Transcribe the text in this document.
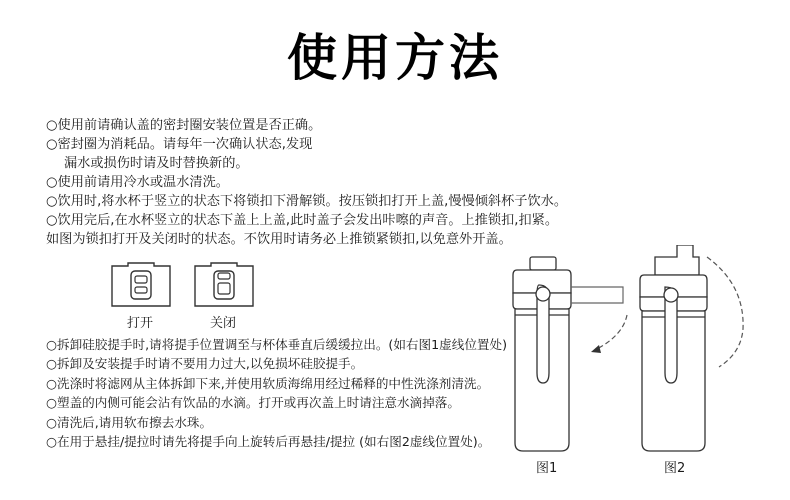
使用方法
○使用前请确认盖的密封圈安装位置是否正确。
○密封圈为消耗品。请每年一次确认状态,发现
漏水或损伤时请及时替换新的。
○使用前请用冷水或温水清洗。
○饮用时,将水杯于竖立的状态下将锁扣下滑解锁。按压锁扣打开上盖,慢慢倾斜杯子饮水。
○饮用完后,在水杯竖立的状态下盖上上盖,此时盖子会发出咔嚓的声音。上推锁扣,扣紧。
如图为锁扣打开及关闭时的状态。不饮用时请务必上推锁紧锁扣,以免意外开盖。
打开	关闭
○拆卸硅胶提手时,请将提手位置调至与杯体垂直后缓缓拉出。(如右图1虚线位置处)
○拆卸及安装提手时请不要用力过大,以免损坏硅胶提手。
○洗涤时将滤网从主体拆卸下来,并使用软质海绵用经过稀释的中性洗涤剂清洗。
○塑盖的内侧可能会沾有饮品的水滴。打开或再次盖上时请注意水滴掉落。
○清洗后,请用软布擦去水珠。
○在用于悬挂/提拉时请先将提手向上旋转后再悬挂/提拉 (如右图2虚线位置处)。
图1	图2
